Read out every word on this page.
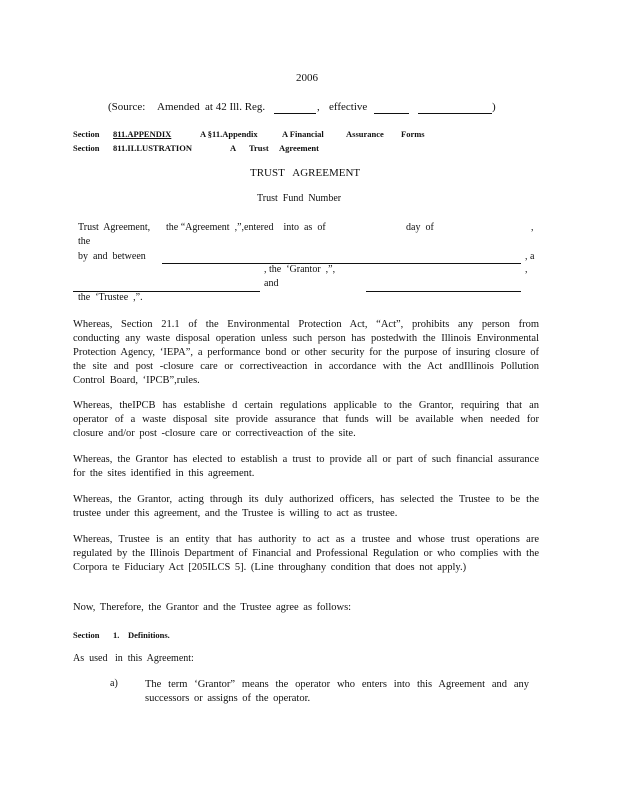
2006
(Source: Amended at 42 Ill. Reg.	, effective	)
Section 811.APPENDIX	A §11.Appendix	A Financial	Assurance Forms
Section 811.ILLUSTRATION	A Trust Agreement
TRUST   AGREEMENT
Trust  Fund  Number
Trust  Agreement, the “Agreement  ,”,entered    into  as  of	day  of	,
the
by  and  between	, a
, the  ‘Grantor  ,”,	,
and
the  ‘Trustee  ,”.
Whereas, Section 21.1 of the Environmental Protection Act, “Act”, prohibits any person from conducting any waste disposal operation unless such person has postedwith the Illinois Environmental Protection Agency, ‘IEPA”, a performance bond or other security for the purpose of insuring closure of the site and post -closure care or correctiveaction in accordance with the Act andIllinois Pollution Control Board, ‘IPCB”,rules.
Whereas, theIPCB has establishe d certain regulations applicable to the Grantor, requiring that an operator of a waste disposal site provide assurance that funds will be available when needed for closure and/or post -closure care or correctiveaction of the site.
Whereas, the Grantor has elected to establish a trust to provide all or part of such financial assurance for the sites identified in this agreement.
Whereas, the Grantor, acting through its duly authorized officers, has selected the Trustee to be the trustee under this agreement, and the Trustee is willing to act as trustee.
Whereas, Trustee is an entity that has authority to act as a trustee and whose trust operations are regulated by the Illinois Department of Financial and Professional Regulation or who complies with the Corpora te Fiduciary Act [205ILCS 5]. (Line throughany condition that does not apply.)
Now, Therefore, the Grantor and the Trustee agree as follows:
Section 1. Definitions.
As  used   in  this  Agreement:
a)	The term ‘Grantor” means the operator who enters into this Agreement and any successors or assigns of the operator.
